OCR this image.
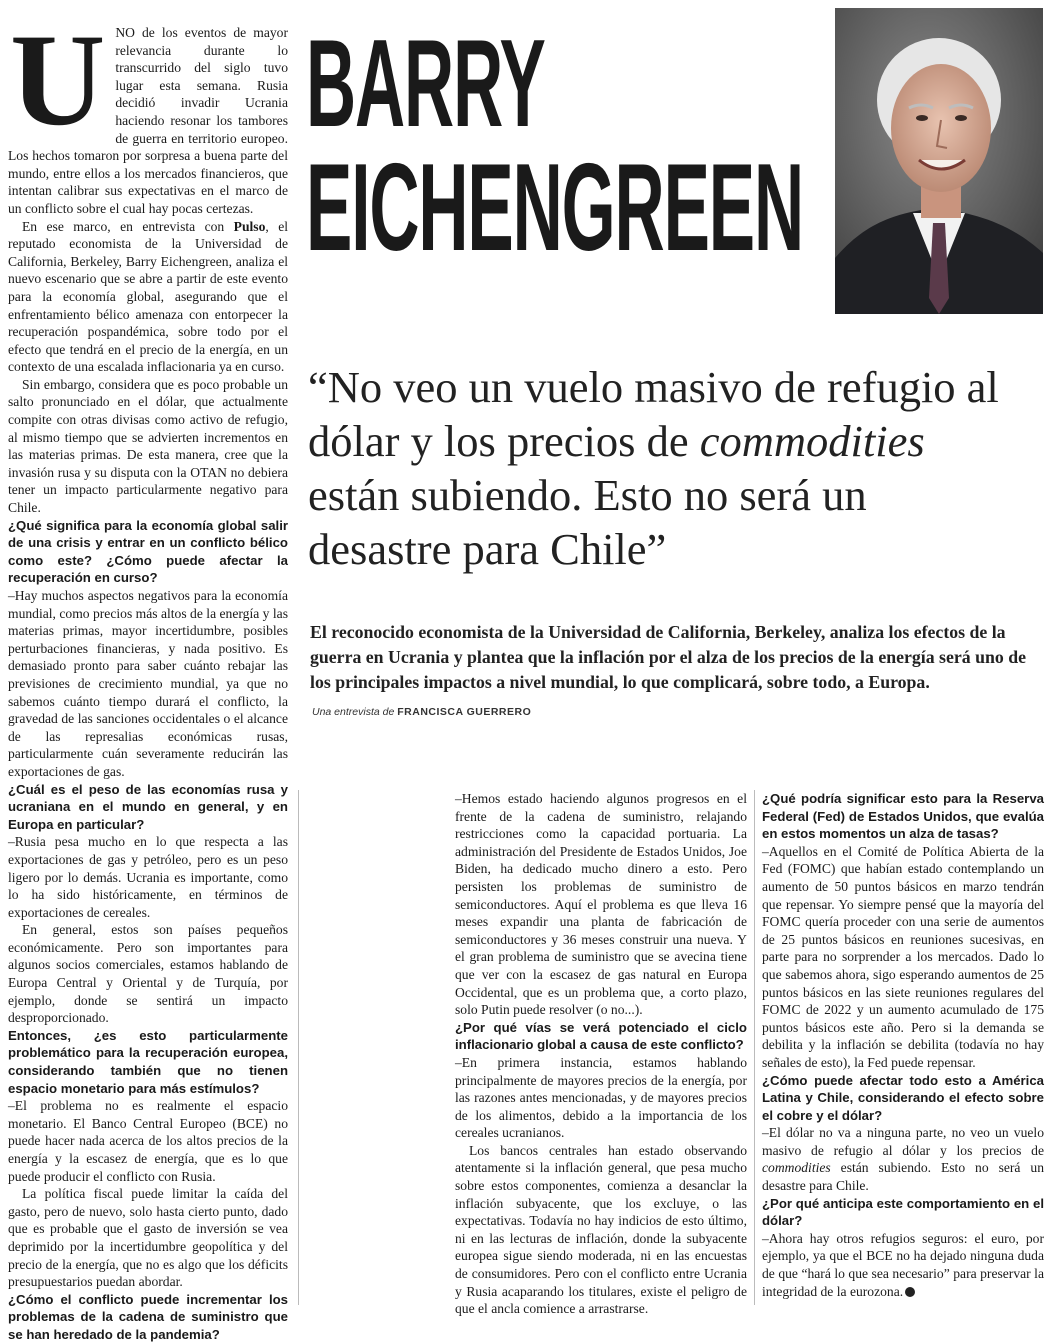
U NO de los eventos de mayor relevancia durante lo transcurrido del siglo tuvo lugar esta semana. Rusia decidió invadir Ucrania haciendo resonar los tambores de guerra en territorio europeo. Los hechos tomaron por sorpresa a buena parte del mundo, entre ellos a los mercados financieros, que intentan calibrar sus expectativas en el marco de un conflicto sobre el cual hay pocas certezas.

En ese marco, en entrevista con Pulso, el reputado economista de la Universidad de California, Berkeley, Barry Eichengreen, analiza el nuevo escenario que se abre a partir de este evento para la economía global, asegurando que el enfrentamiento bélico amenaza con entorpecer la recuperación pospandémica, sobre todo por el efecto que tendrá en el precio de la energía, en un contexto de una escalada inflacionaria ya en curso.

Sin embargo, considera que es poco probable un salto pronunciado en el dólar, que actualmente compite con otras divisas como activo de refugio, al mismo tiempo que se advierten incrementos en las materias primas. De esta manera, cree que la invasión rusa y su disputa con la OTAN no debiera tener un impacto particularmente negativo para Chile.

¿Qué significa para la economía global salir de una crisis y entrar en un conflicto bélico como este? ¿Cómo puede afectar la recuperación en curso?

–Hay muchos aspectos negativos para la economía mundial, como precios más altos de la energía y las materias primas, mayor incertidumbre, posibles perturbaciones financieras, y nada positivo. Es demasiado pronto para saber cuánto rebajar las previsiones de crecimiento mundial, ya que no sabemos cuánto tiempo durará el conflicto, la gravedad de las sanciones occidentales o el alcance de las represalias económicas rusas, particularmente cuán severamente reducirán las exportaciones de gas.

¿Cuál es el peso de las economías rusa y ucraniana en el mundo en general, y en Europa en particular?

–Rusia pesa mucho en lo que respecta a las exportaciones de gas y petróleo, pero es un peso ligero por lo demás. Ucrania es importante, como lo ha sido históricamente, en términos de exportaciones de cereales.

En general, estos son países pequeños económicamente. Pero son importantes para algunos socios comerciales, estamos hablando de Europa Central y Oriental y de Turquía, por ejemplo, donde se sentirá un impacto desproporcionado.

Entonces, ¿es esto particularmente problemático para la recuperación europea, considerando también que no tienen espacio monetario para más estímulos?

–El problema no es realmente el espacio monetario. El Banco Central Europeo (BCE) no puede hacer nada acerca de los altos precios de la energía y la escasez de energía, que es lo que puede producir el conflicto con Rusia.

La política fiscal puede limitar la caída del gasto, pero de nuevo, solo hasta cierto punto, dado que es probable que el gasto de inversión se vea deprimido por la incertidumbre geopolítica y del precio de la energía, que no es algo que los déficits presupuestarios puedan abordar.

¿Cómo el conflicto puede incrementar los problemas de la cadena de suministro que se han heredado de la pandemia?

BARRY
EICHENGREEN
“No veo un vuelo masivo de refugio al dólar y los precios de commodities están subiendo. Esto no será un desastre para Chile”
El reconocido economista de la Universidad de California, Berkeley, analiza los efectos de la guerra en Ucrania y plantea que la inflación por el alza de los precios de la energía será uno de los principales impactos a nivel mundial, lo que complicará, sobre todo, a Europa.
Una entrevista de FRANCISCA GUERRERO

–Hemos estado haciendo algunos progresos en el frente de la cadena de suministro, relajando restricciones como la capacidad portuaria. La administración del Presidente de Estados Unidos, Joe Biden, ha dedicado mucho dinero a esto. Pero persisten los problemas de suministro de semiconductores. Aquí el problema es que lleva 16 meses expandir una planta de fabricación de semiconductores y 36 meses construir una nueva. Y el gran problema de suministro que se avecina tiene que ver con la escasez de gas natural en Europa Occidental, que es un problema que, a corto plazo, solo Putin puede resolver (o no...).

¿Por qué vías se verá potenciado el ciclo inflacionario global a causa de este conflicto?

–En primera instancia, estamos hablando principalmente de mayores precios de la energía, por las razones antes mencionadas, y de mayores precios de los alimentos, debido a la importancia de los cereales ucranianos.

Los bancos centrales han estado observando atentamente si la inflación general, que pesa mucho sobre estos componentes, comienza a desanclar la inflación subyacente, que los excluye, o las expectativas. Todavía no hay indicios de esto último, ni en las lecturas de inflación, donde la subyacente europea sigue siendo moderada, ni en las encuestas de consumidores. Pero con el conflicto entre Ucrania y Rusia acaparando los titulares, existe el peligro de que el ancla comience a arrastrarse.

¿Qué podría significar esto para la Reserva Federal (Fed) de Estados Unidos, que evalúa en estos momentos un alza de tasas?

–Aquellos en el Comité de Política Abierta de la Fed (FOMC) que habían estado contemplando un aumento de 50 puntos básicos en marzo tendrán que repensar. Yo siempre pensé que la mayoría del FOMC quería proceder con una serie de aumentos de 25 puntos básicos en reuniones sucesivas, en parte para no sorprender a los mercados. Dado lo que sabemos ahora, sigo esperando aumentos de 25 puntos básicos en las siete reuniones regulares del FOMC de 2022 y un aumento acumulado de 175 puntos básicos este año. Pero si la demanda se debilita y la inflación se debilita (todavía no hay señales de esto), la Fed puede repensar.

¿Cómo puede afectar todo esto a América Latina y Chile, considerando el efecto sobre el cobre y el dólar?

–El dólar no va a ninguna parte, no veo un vuelo masivo de refugio al dólar y los precios de commodities están subiendo. Esto no será un desastre para Chile.

¿Por qué anticipa este comportamiento en el dólar?

–Ahora hay otros refugios seguros: el euro, por ejemplo, ya que el BCE no ha dejado ninguna duda de que “hará lo que sea necesario” para preservar la integridad de la eurozona.
